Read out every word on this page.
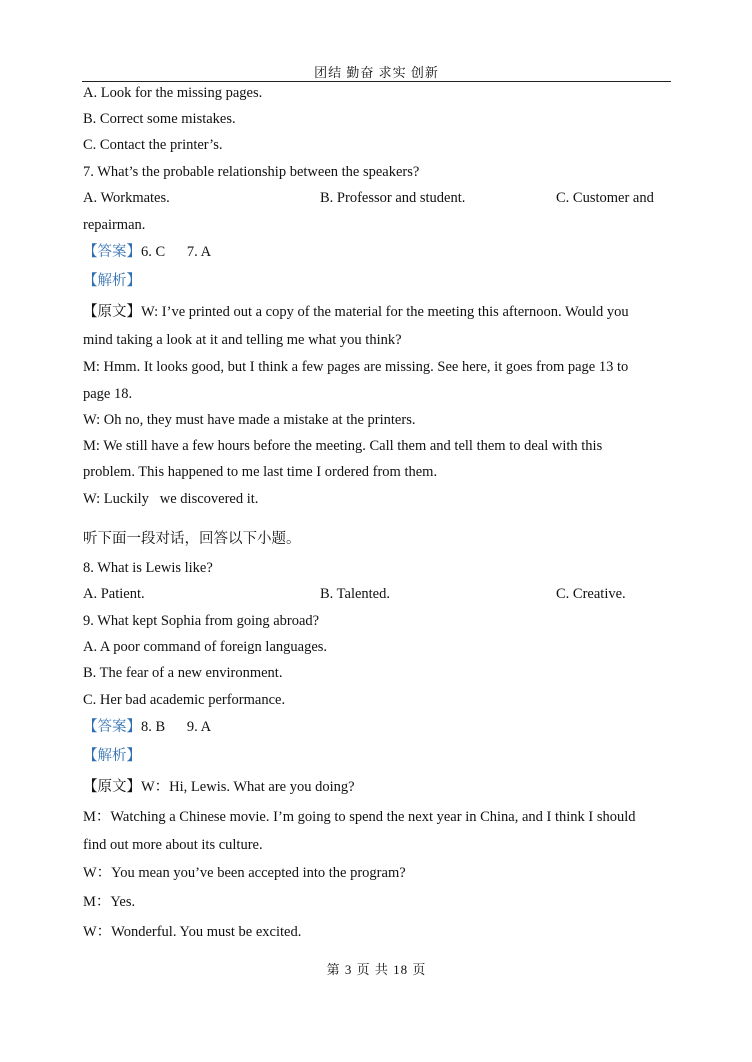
团结 勤奋 求实 创新
A. Look for the missing pages.
B. Correct some mistakes.
C. Contact the printer’s.
7. What’s the probable relationship between the speakers?
A. Workmates.	B. Professor and student.	C. Customer and
repairman.
【答案】6. C      7. A
【解析】
【原文】W: I’ve printed out a copy of the material for the meeting this afternoon. Would you
mind taking a look at it and telling me what you think?
M: Hmm. It looks good, but I think a few pages are missing. See here, it goes from page 13 to
page 18.
W: Oh no, they must have made a mistake at the printers.
M: We still have a few hours before the meeting. Call them and tell them to deal with this
problem. This happened to me last time I ordered from them.
W: Luckily   we discovered it.
听下面一段对话，回答以下小题。
8. What is Lewis like?
A. Patient.	B. Talented.	C. Creative.
9. What kept Sophia from going abroad?
A. A poor command of foreign languages.
B. The fear of a new environment.
C. Her bad academic performance.
【答案】8. B      9. A
【解析】
【原文】W：Hi, Lewis. What are you doing?
M：Watching a Chinese movie. I’m going to spend the next year in China, and I think I should
find out more about its culture.
W：You mean you’ve been accepted into the program?
M：Yes.
W：Wonderful. You must be excited.
第 3 页 共 18 页
